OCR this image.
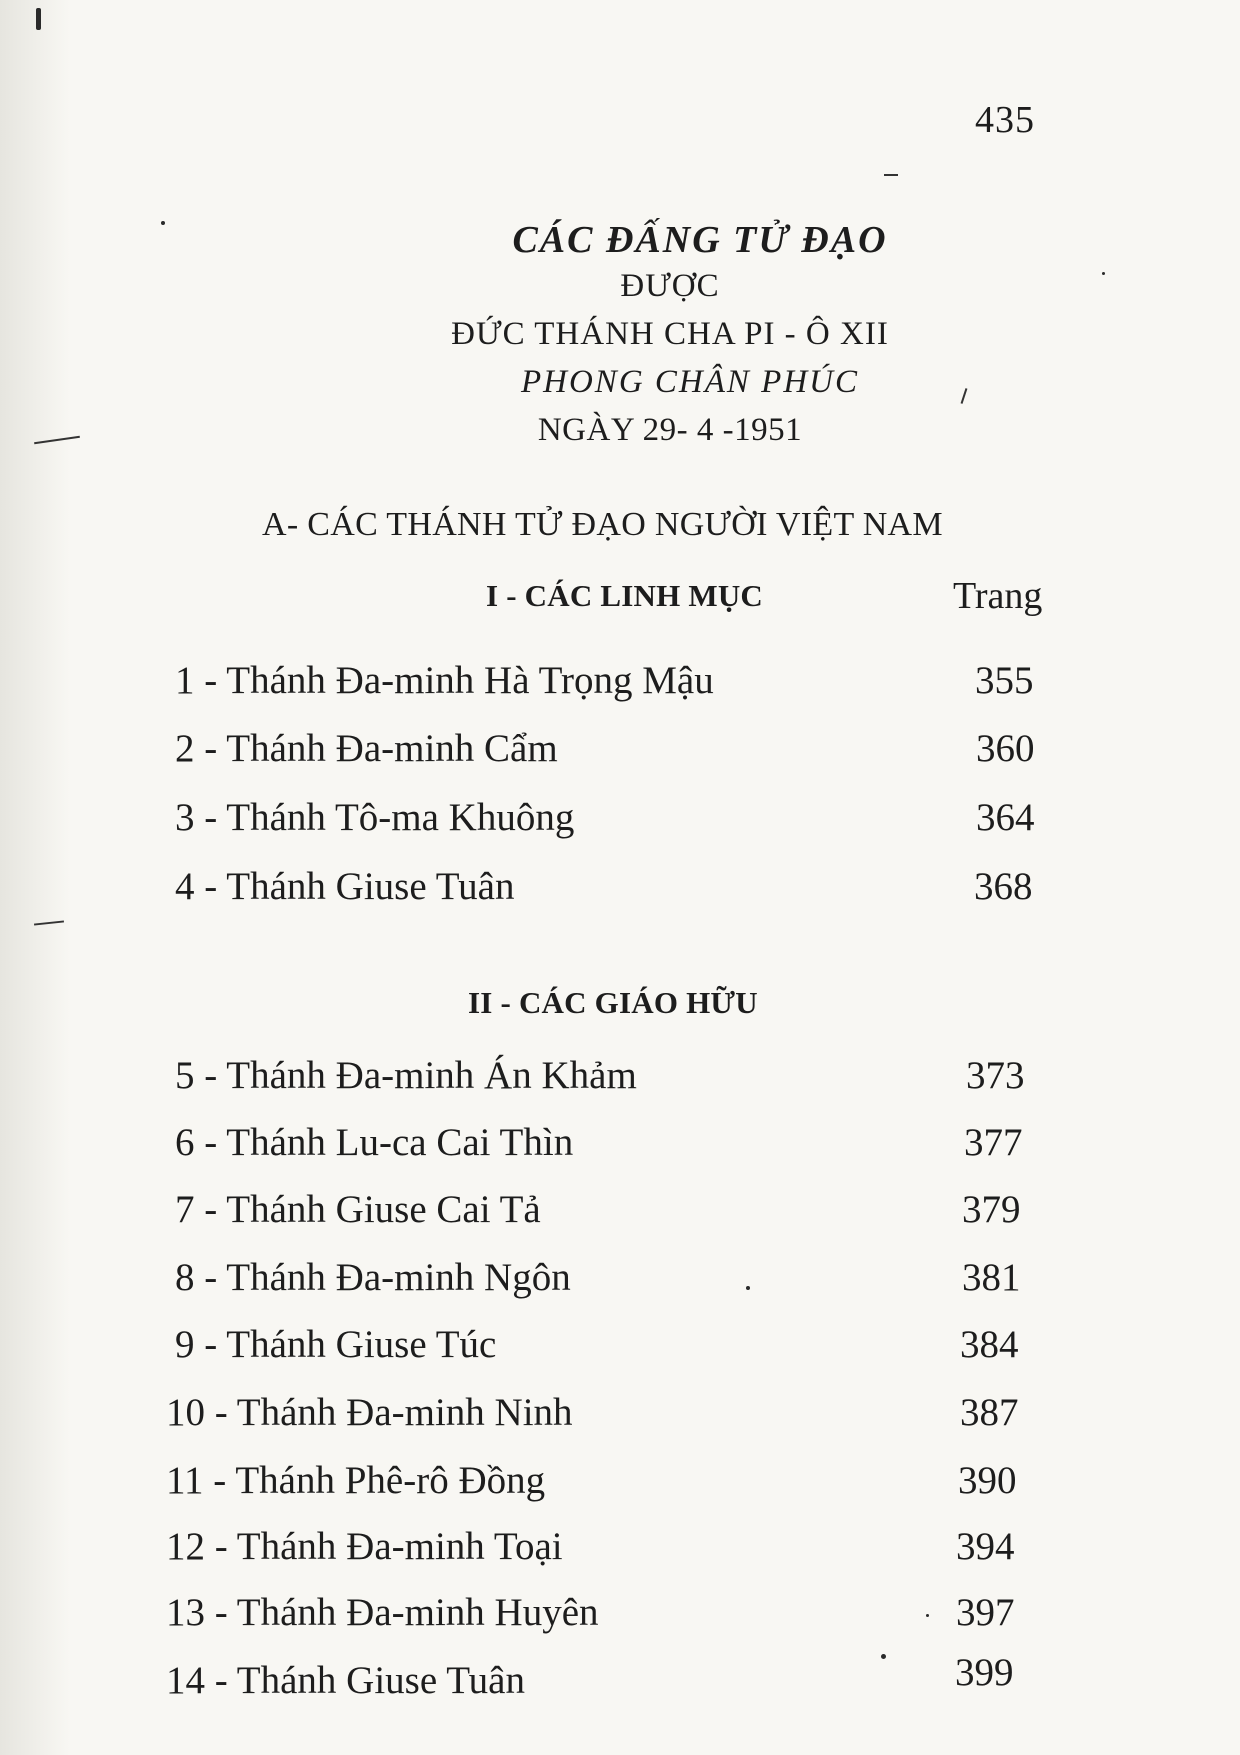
435
CÁC ĐẤNG TỬ ĐẠO
ĐƯỢC
ĐỨC THÁNH CHA PI - Ô XII
PHONG CHÂN PHÚC
NGÀY 29- 4 -1951
A- CÁC THÁNH TỬ ĐẠO NGƯỜI VIỆT NAM
I - CÁC LINH MỤC	Trang
1 - Thánh Đa-minh Hà Trọng Mậu	355
2 - Thánh Đa-minh Cẩm	360
3 - Thánh Tô-ma Khuông	364
4 - Thánh Giuse Tuân	368
II - CÁC GIÁO HỮU
5 - Thánh Đa-minh Án Khảm	373
6 - Thánh Lu-ca Cai Thìn	377
7 - Thánh Giuse Cai Tả	379
8 - Thánh Đa-minh Ngôn	381
9 - Thánh Giuse Túc	384
10 - Thánh Đa-minh Ninh	387
11 - Thánh Phê-rô Đồng	390
12 - Thánh Đa-minh Toại	394
13 - Thánh Đa-minh Huyên	397
14 - Thánh Giuse Tuân	399
